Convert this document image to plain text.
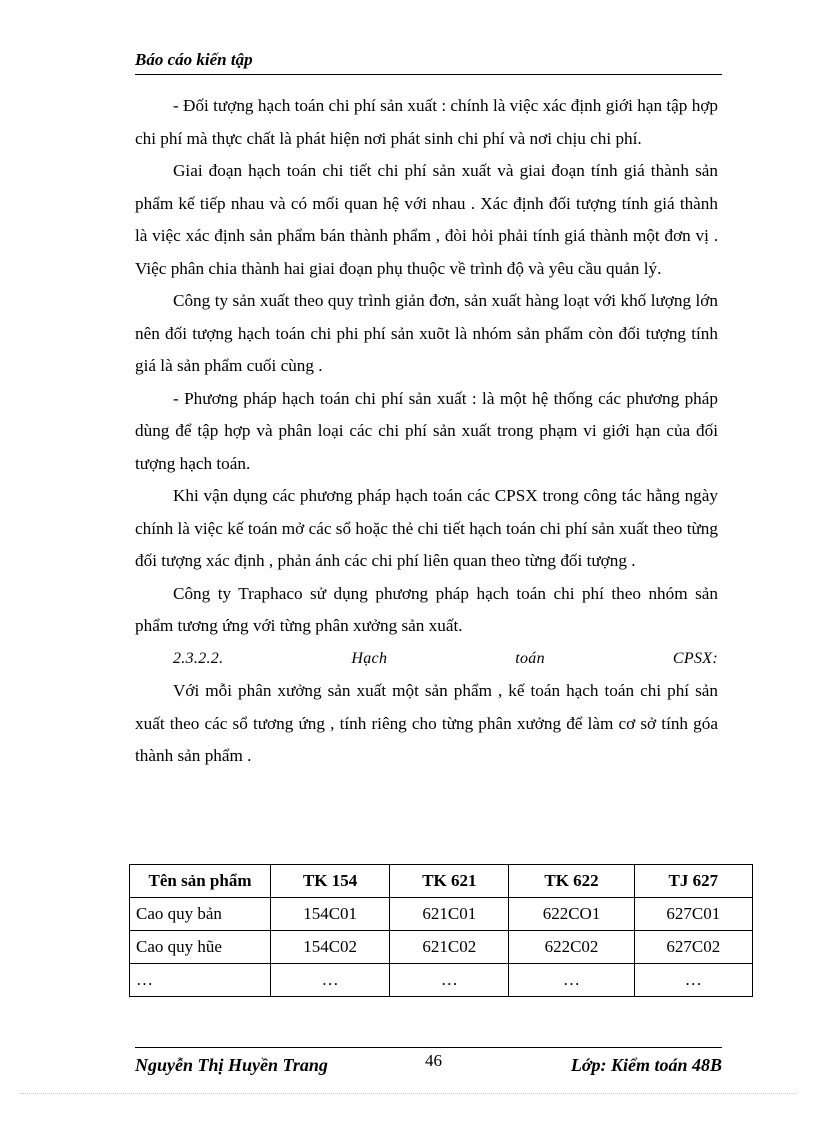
Báo cáo kiến tập

- Đối tượng hạch toán chi phí sản xuất : chính là việc xác định giới hạn tập hợp chi phí mà thực chất là phát hiện nơi phát sinh chi phí và nơi chịu chi phí.

Giai đoạn hạch toán chi tiết chi phí sản xuất và giai đoạn tính giá thành sản phẩm kế tiếp nhau và có mối quan hệ với nhau . Xác định đối tượng tính giá thành là việc xác định sản phẩm bán thành phẩm , đòi hỏi phải tính giá thành một đơn vị . Việc phân chia thành hai giai đoạn phụ thuộc về trình độ và yêu cầu quản lý.

Công ty sản xuất theo quy trình giản đơn, sản xuất hàng loạt với khố lượng lớn nên đối tượng hạch toán chi phi phí sản xuõt là nhóm sản phẩm còn đối tượng tính giá là sản phẩm cuối cùng .

- Phương pháp hạch toán chi phí sản xuất : là một hệ thống các phương pháp dùng để tập hợp và phân loại các chi phí sản xuất trong phạm vi giới hạn của đối tượng hạch toán.

Khi vận dụng các phương pháp hạch toán các CPSX trong công tác hằng ngày chính là việc kế toán mở các sổ hoặc thẻ chi tiết hạch toán chi phí sản xuất theo từng đối tượng xác định , phản ánh các chi phí liên quan theo từng đối tượng .

Công ty Traphaco sử dụng phương pháp hạch toán chi phí theo nhóm sản phẩm tương ứng với từng phân xưởng sản xuất.

2.3.2.2.	Hạch	toán	CPSX:

Với mỗi phân xưởng sản xuất một sản phẩm , kế toán hạch toán chi phí sản xuất theo các sổ tương ứng , tính riêng cho từng phân xưởng để làm cơ sở tính góa thành sản phẩm .

Tên sản phẩm	TK 154	TK 621	TK 622	TJ 627
Cao quy bản	154C01	621C01	622CO1	627C01
Cao quy hũe	154C02	621C02	622C02	627C02
…	…	…	…	…
Nguyễn Thị Huyền Trang	46	Lớp: Kiểm toán 48B
